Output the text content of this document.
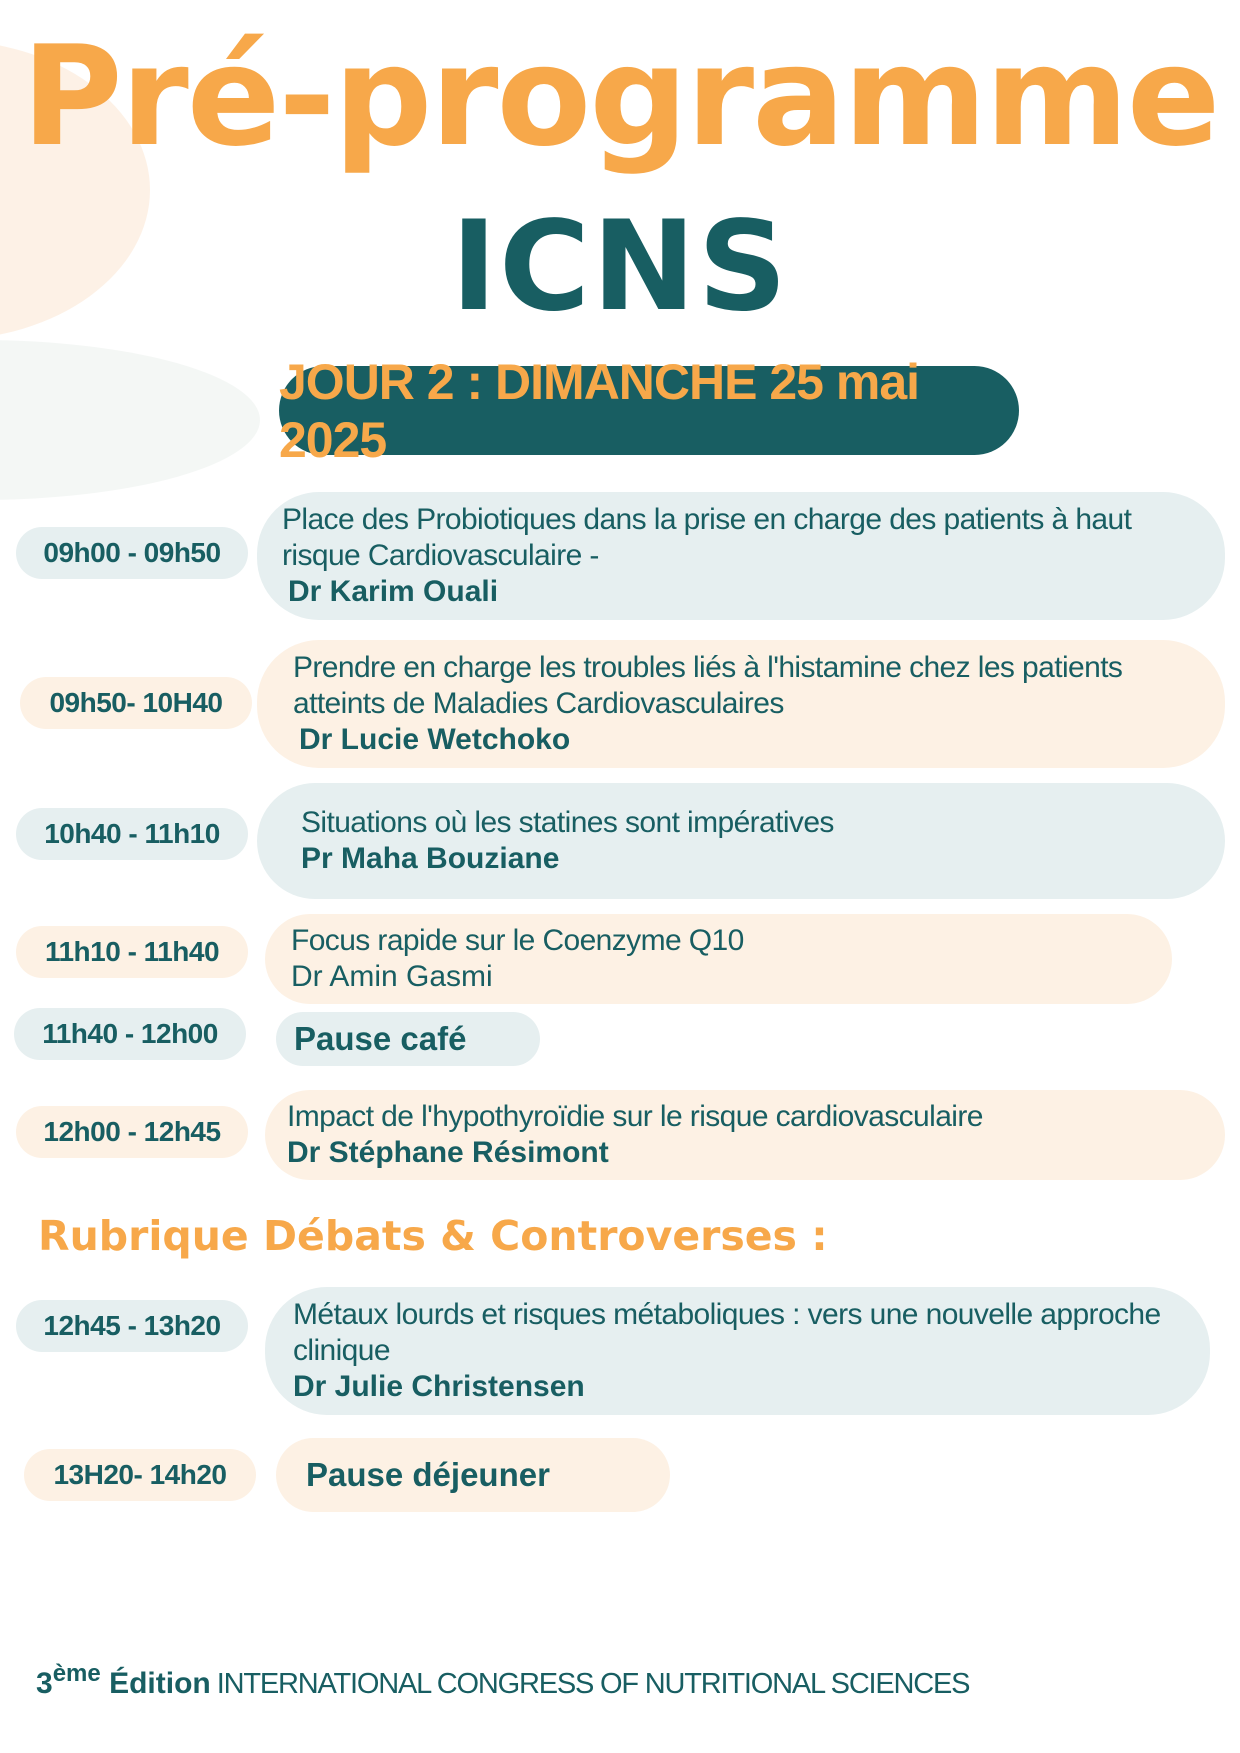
Pré-programme
ICNS
JOUR 2 : DIMANCHE 25 mai 2025
09h00 - 09h50
Place des Probiotiques dans la prise en charge des patients à haut risque Cardiovasculaire -
Dr Karim Ouali
09h50- 10H40
Prendre en charge les troubles liés à l'histamine chez les patients atteints de Maladies Cardiovasculaires
Dr Lucie Wetchoko
10h40 - 11h10	Situations où les statines sont impératives
Pr Maha Bouziane
11h10 - 11h40 Focus rapide sur le Coenzyme Q10
Dr Amin Gasmi
11h40 - 12h00 Pause café
12h00 - 12h45 Impact de l'hypothyroïdie sur le risque cardiovasculaire
Dr Stéphane Résimont
Rubrique Débats & Controverses :
12h45 - 13h20 Métaux lourds et risques métaboliques : vers une nouvelle approche clinique
Dr Julie Christensen
13H20- 14h20 Pause déjeuner
3ème Édition INTERNATIONAL CONGRESS OF NUTRITIONAL SCIENCES
